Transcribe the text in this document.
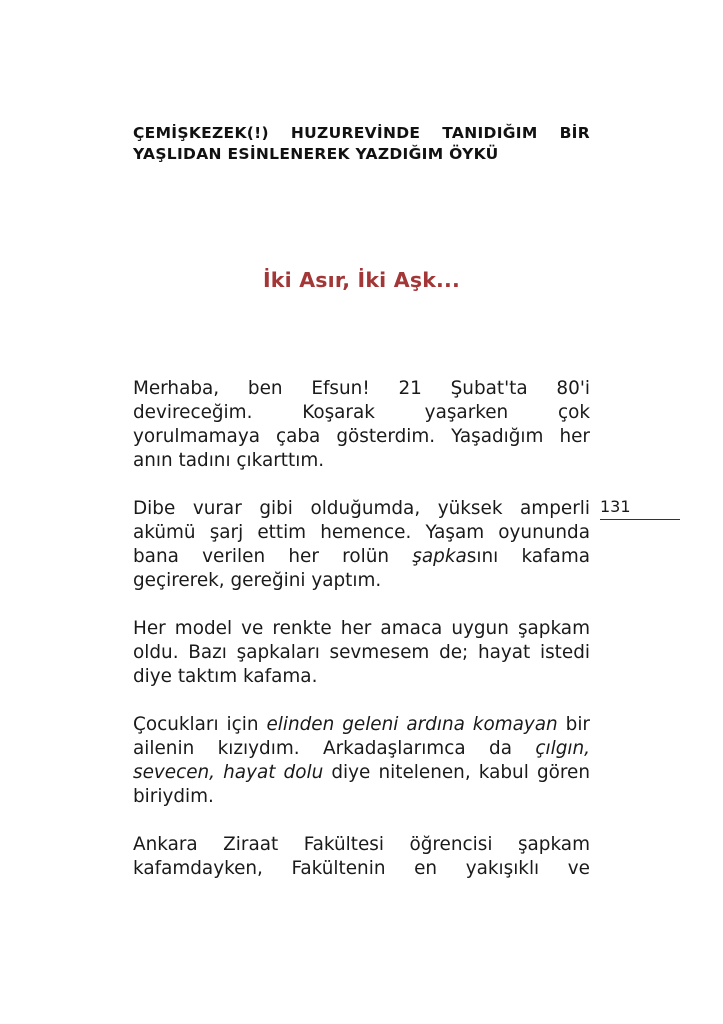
ÇEMİŞKEZEK(!) HUZUREVİNDE TANIDIĞIM BİR YAŞLIDAN ESİNLENEREK YAZDIĞIM ÖYKÜ
İki Asır, İki Aşk...
131

Merhaba, ben Efsun! 21 Şubat'ta 80'i devireceğim. Koşarak yaşarken çok yorulmamaya çaba gösterdim. Yaşadığım her anın tadını çıkarttım.

Dibe vurar gibi olduğumda, yüksek amperli akümü şarj ettim hemence. Yaşam oyununda bana verilen her rolün şapkasını kafama geçirerek, gereğini yaptım.

Her model ve renkte her amaca uygun şapkam oldu. Bazı şapkaları sevmesem de; hayat istedi diye taktım kafama.

Çocukları için elinden geleni ardına komayan bir ailenin kızıydım. Arkadaşlarımca da çılgın, sevecen, hayat dolu diye nitelenen, kabul gören biriydim.

Ankara Ziraat Fakültesi öğrencisi şapkam kafamdayken, Fakültenin en yakışıklı ve
